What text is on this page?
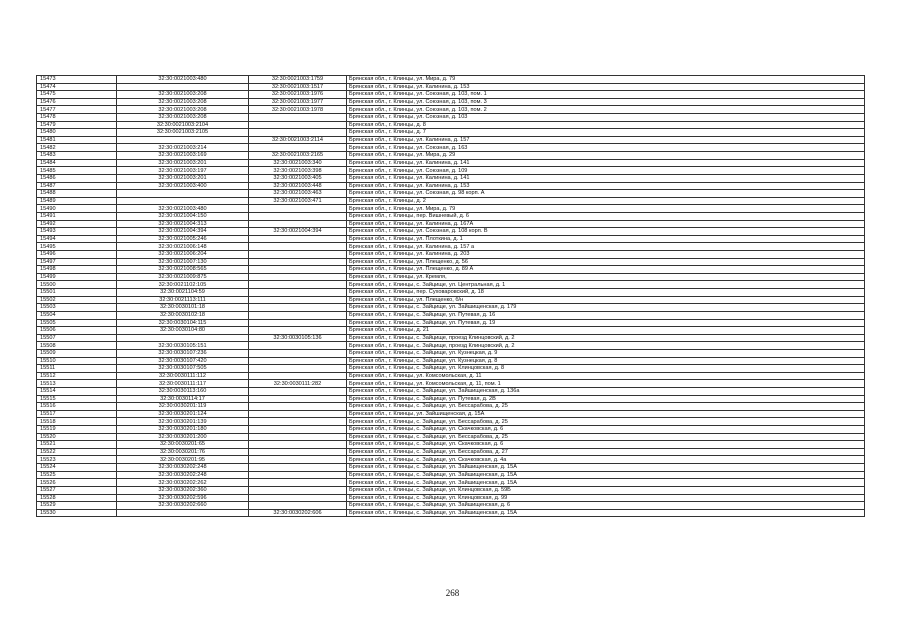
15473	32:30:0021003:480	32:30:0021003:1759	Брянская обл., г. Клинцы, ул. Мира, д. 79
15474		32:30:0021003:1517	Брянская обл., г. Клинцы, ул. Калинина, д. 153
15475	32:30:0021003:208	32:30:0021003:1976	Брянская обл., г. Клинцы, ул. Союзная, д. 103, пом. 1
15476	32:30:0021003:208	32:30:0021003:1977	Брянская обл., г. Клинцы, ул. Союзная, д. 103, пом. 3
15477	32:30:0021003:208	32:30:0021003:1978	Брянская обл., г. Клинцы, ул. Союзная, д. 103, пом. 2
15478	32:30:0021003:208		Брянская обл., г. Клинцы, ул. Союзная, д. 103
15479	32:30:0021003:2104		Брянская обл., г. Клинцы, д. 8
15480	32:30:0021003:2105		Брянская обл., г. Клинцы, д. 7
15481		32:30:0021003:2114	Брянская обл., г. Клинцы, ул. Калинина, д. 157
15482	32:30:0021003:214		Брянская обл., г. Клинцы, ул. Союзная, д. 163
15483	32:30:0021003:169	32:30:0021003:2165	Брянская обл., г. Клинцы, ул. Мира, д. 29
15484	32:30:0021003:201	32:30:0021003:340	Брянская обл., г. Клинцы, ул. Калинина, д. 141
15485	32:30:0021003:197	32:30:0021003:398	Брянская обл., г. Клинцы, ул. Союзная, д. 109
15486	32:30:0021003:201	32:30:0021003:405	Брянская обл., г. Клинцы, ул. Калинина, д. 141
15487	32:30:0021003:400	32:30:0021003:448	Брянская обл., г. Клинцы, ул. Калинина, д. 153
15488		32:30:0021003:463	Брянская обл., г. Клинцы, ул. Союзная, д. 98 корп. А
15489		32:30:0021003:471	Брянская обл., г. Клинцы, д. 2
15490	32:30:0021003:480		Брянская обл., г. Клинцы, ул. Мира, д. 79
15491	32:30:0021004:150		Брянская обл., г. Клинцы, пер. Вишневый, д. 6
15492	32:30:0021004:313		Брянская обл., г. Клинцы, ул. Калинина, д. 167А
15493	32:30:0021004:394	32:30:0021004:394	Брянская обл., г. Клинцы, ул. Союзная, д. 108 корп. В
15494	32:30:0021005:246		Брянская обл., г. Клинцы, ул. Плоткина, д. 1
15495	32:30:0021006:148		Брянская обл., г. Клинцы, ул. Калинина, д. 157 а
15496	32:30:0021006:204		Брянская обл., г. Клинцы, ул. Калинина, д. 203
15497	32:30:0021007:130		Брянская обл., г. Клинцы, ул. Плещенко, д. 56
15498	32:30:0021008:565		Брянская обл., г. Клинцы, ул. Плещенко, д. 89 А
15499	32:30:0021009:875		Брянская обл., г. Клинцы, ул. Кремля,
15500	32:30:0021102:105		Брянская обл., г. Клинцы, с. Зайцище, ул. Центральная, д. 1
15501	32:30:0021104:59		Брянская обл., г. Клинцы, пер. Суховаровский, д. 18
15502	32:30:0021113:111		Брянская обл., г. Клинцы, ул. Плещенко, б/н
15503	32:30:0030101:18		Брянская обл., г. Клинцы, с. Зайцище, ул. Зайшищенская, д. 179
15504	32:30:0030102:18		Брянская обл., г. Клинцы, с. Зайцище, ул. Путевая, д. 16
15505	32:30:0030104:115		Брянская обл., г. Клинцы, с. Зайцище, ул. Путевая, д. 19
15506	32:30:0030104:80		Брянская обл., г. Клинцы, д. 21
15507		32:30:0030105:136	Брянская обл., г. Клинцы, с. Зайцище, проезд Клинцовский, д. 2
15508	32:30:0030105:151		Брянская обл., г. Клинцы, с. Зайцище, проезд Клинцовский, д. 2
15509	32:30:0030107:236		Брянская обл., г. Клинцы, с. Зайцище, ул. Кузнецкая, д. 9
15510	32:30:0030107:420		Брянская обл., г. Клинцы, с. Зайцище, ул. Кузнецкая, д. 8
15511	32:30:0030107:505		Брянская обл., г. Клинцы, с. Зайцище, ул. Клинцовская, д. 8
15512	32:30:0030111:112		Брянская обл., г. Клинцы, ул. Комсомольская, д. 11
15513	32:30:0030111:117	32:30:0030111:282	Брянская обл., г. Клинцы, ул. Комсомольская, д. 11, пом. 1
15514	32:30:0030113:160		Брянская обл., г. Клинцы, с. Зайцище, ул. Зайшищенская, д. 136а
15515	32:30:0030114:17		Брянская обл., г. Клинцы, с. Зайцище, ул. Путевая, д. 2В
15516	32:30:0030201:119		Брянская обл., г. Клинцы, с. Зайцище, ул. Бессарабова, д. 25
15517	32:30:0030201:124		Брянская обл., г. Клинцы, ул. Зайшищенская, д. 15А
15518	32:30:0030201:139		Брянская обл., г. Клинцы, с. Зайцище, ул. Бессарабова, д. 25
15519	32:30:0030201:180		Брянская обл., г. Клинцы, с. Зайцище, ул. Скачковская, д. 6
15520	32:30:0030201:200		Брянская обл., г. Клинцы, с. Зайцище, ул. Бессарабова, д. 25
15521	32:30:0030201:65		Брянская обл., г. Клинцы, с. Зайцище, ул. Скачковская, д. 6
15522	32:30:0030201:76		Брянская обл., г. Клинцы, с. Зайцище, ул. Бессарабова, д. 27
15523	32:30:0030201:95		Брянская обл., г. Клинцы, с. Зайцище, ул. Скачковская, д. 4а
15524	32:30:0030202:248		Брянская обл., г. Клинцы, с. Зайцище, ул. Зайшищенская, д. 15А
15525	32:30:0030202:248		Брянская обл., г. Клинцы, с. Зайцище, ул. Зайшищенская, д. 15А
15526	32:30:0030202:262		Брянская обл., г. Клинцы, с. Зайцище, ул. Зайшищенская, д. 15А
15527	32:30:0030202:360		Брянская обл., г. Клинцы, с. Зайцище, ул. Клинцовская, д. 59Б
15528	32:30:0030202:596		Брянская обл., г. Клинцы, с. Зайцище, ул. Клинцовская, д. 99
15529	32:30:0030202:660		Брянская обл., г. Клинцы, с. Зайцище, ул. Зайшищенская, д. 6
15530		32:30:0030202:606	Брянская обл., г. Клинцы, с. Зайцище, ул. Зайшищенская, д. 15А
268
